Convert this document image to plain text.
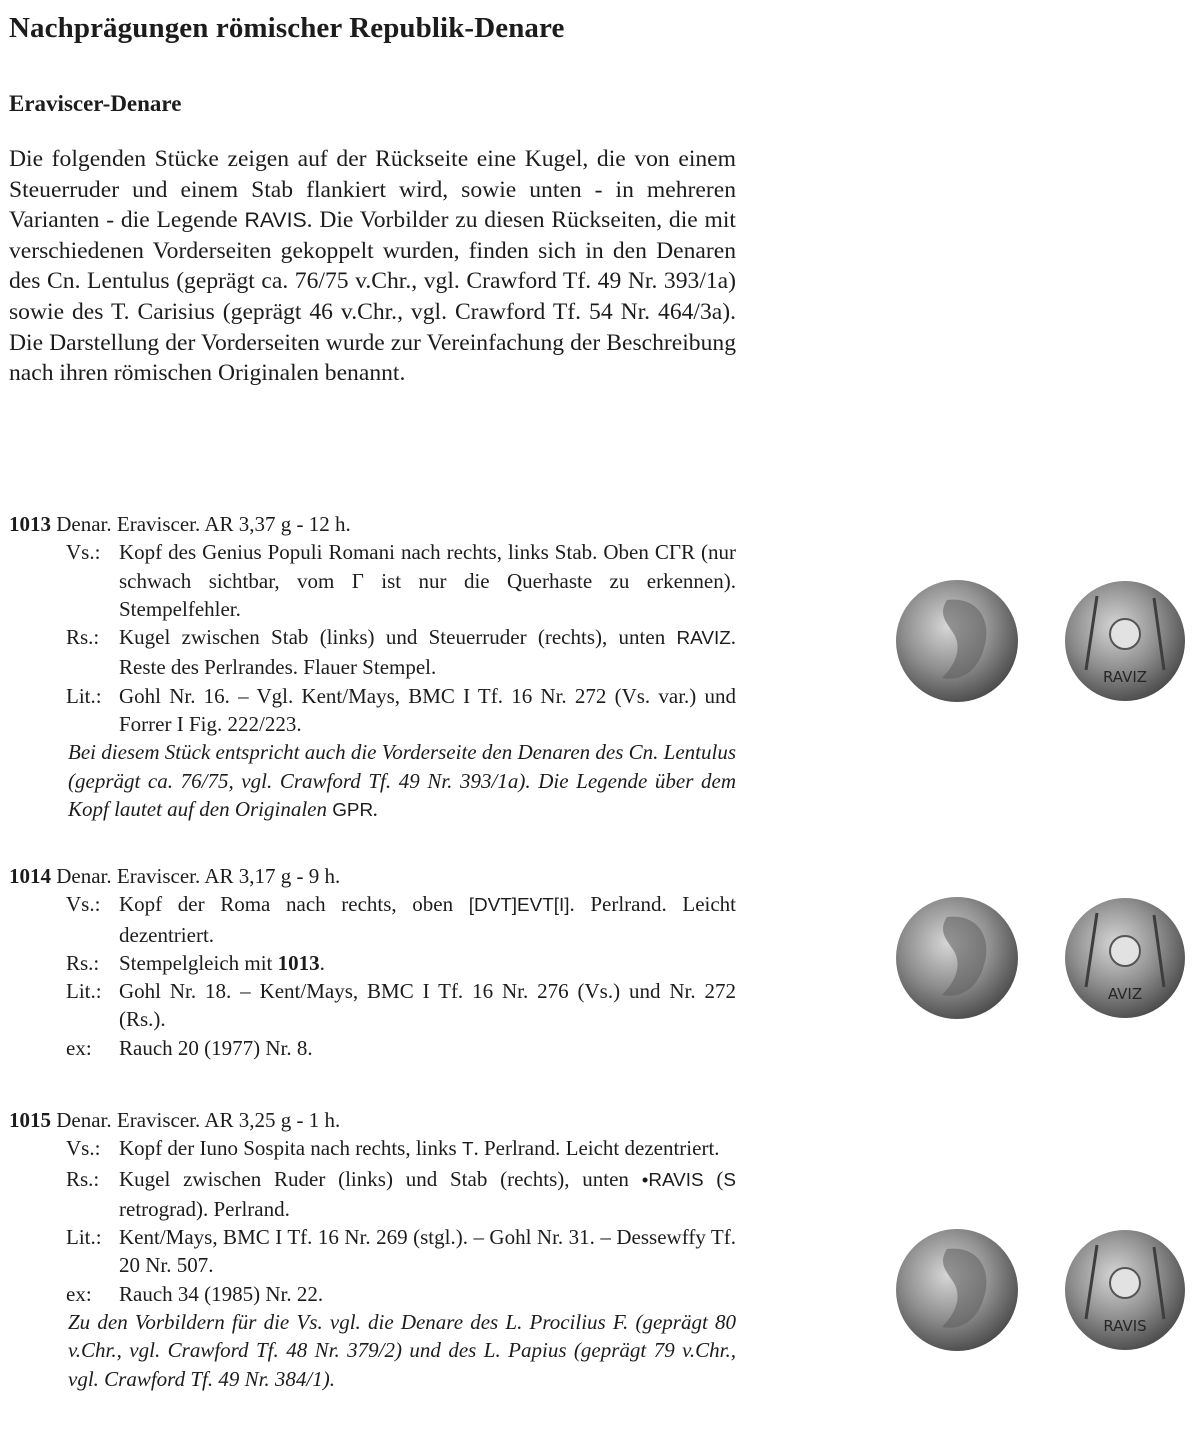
Nachprägungen römischer Republik-Denare
Eraviscer-Denare

Die folgenden Stücke zeigen auf der Rückseite eine Kugel, die von einem Steuerruder und einem Stab flankiert wird, sowie unten - in mehreren Varianten - die Legende RAVIS. Die Vorbilder zu diesen Rückseiten, die mit verschiedenen Vorderseiten gekoppelt wurden, finden sich in den Denaren des Cn. Lentulus (geprägt ca. 76/75 v.Chr., vgl. Crawford Tf. 49 Nr. 393/1a) sowie des T. Carisius (geprägt 46 v.Chr., vgl. Crawford Tf. 54 Nr. 464/3a). Die Darstellung der Vorderseiten wurde zur Vereinfachung der Beschreibung nach ihren römischen Originalen benannt.

1013 Denar. Eraviscer. AR 3,37 g - 12 h.
Vs.: Kopf des Genius Populi Romani nach rechts, links Stab. Oben CΓR (nur schwach sichtbar, vom Γ ist nur die Querhaste zu erkennen). Stempelfehler.
Rs.: Kugel zwischen Stab (links) und Steuerruder (rechts), unten RAVIZ. Reste des Perlrandes. Flauer Stempel.
Lit.: Gohl Nr. 16. – Vgl. Kent/Mays, BMC I Tf. 16 Nr. 272 (Vs. var.) und Forrer I Fig. 222/223.
Bei diesem Stück entspricht auch die Vorderseite den Denaren des Cn. Lentulus (geprägt ca. 76/75, vgl. Crawford Tf. 49 Nr. 393/1a). Die Legende über dem Kopf lautet auf den Originalen GPR.
1014 Denar. Eraviscer. AR 3,17 g - 9 h.
Vs.: Kopf der Roma nach rechts, oben [DVT]EVT[I]. Perlrand. Leicht dezentriert.
Rs.: Stempelgleich mit 1013.
Lit.: Gohl Nr. 18. – Kent/Mays, BMC I Tf. 16 Nr. 276 (Vs.) und Nr. 272 (Rs.).
ex:	Rauch 20 (1977) Nr. 8.
1015 Denar. Eraviscer. AR 3,25 g - 1 h.
Vs.: Kopf der Iuno Sospita nach rechts, links T. Perlrand. Leicht dezentriert.
Rs.: Kugel zwischen Ruder (links) und Stab (rechts), unten •RAVIS (S retrograd). Perlrand.
Lit.: Kent/Mays, BMC I Tf. 16 Nr. 269 (stgl.). – Gohl Nr. 31. – Dessewffy Tf. 20 Nr. 507.
ex:	Rauch 34 (1985) Nr. 22.
Zu den Vorbildern für die Vs. vgl. die Denare des L. Procilius F. (geprägt 80 v.Chr., vgl. Crawford Tf. 48 Nr. 379/2) und des L. Papius (geprägt 79 v.Chr., vgl. Crawford Tf. 49 Nr. 384/1).
RAVIZ
AVIZ
RAVIS
